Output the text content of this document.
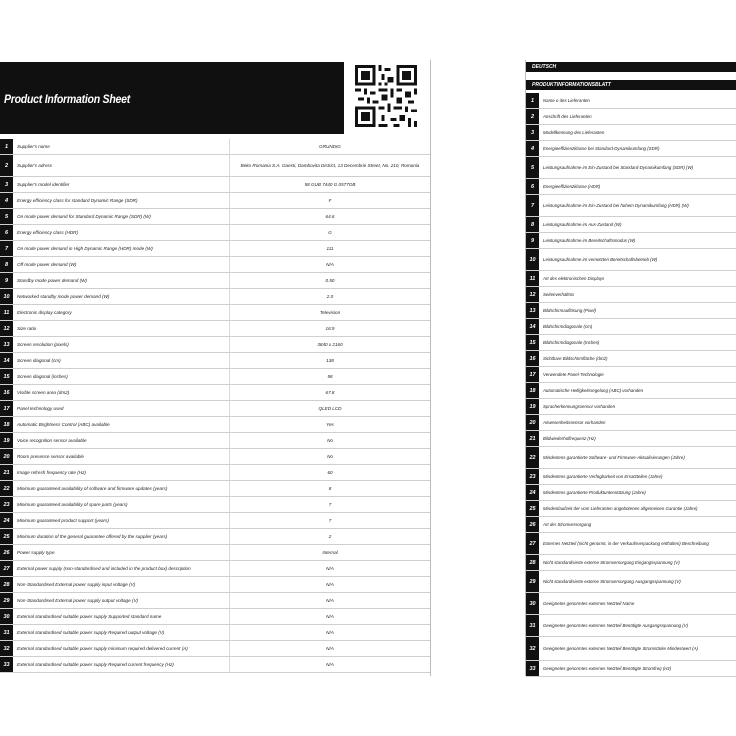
Product Information Sheet
1	Supplier's name	GRUNDIG
2	Supplier's adress	Beko Romania S.A. Gaesti, Dambovita District, 13 Decembrie Street, No. 210, Romania
3	Supplier's model identifier	58 GUB 7440 G 0577OB
4	Energy efficiency class for standard Dynamic Range (SDR)	F
5	On mode power demand for Standard Dynamic Range (SDR) (W)	64.6
6	Energy efficiency class (HDR)	G
7	On mode power demand in High Dynamic Range (HDR) mode (W)	111
8	Off mode power demand (W)	N/A
9	Standby mode power demand (W)	0.50
10	Networked standby mode power demand (W)	2.0
11	Electronic display category	Television
12	Size ratio	16:9
13	Screen resolution (pixels)	3840 x 2160
14	Screen diagonal (cm)	138
15	Screen diagonal (inches)	58
16	Visible screen area (dm2)	67.8
17	Panel technology used	QLED LCD
18	Automatic Brightness Control (ABC) available	Yes
19	Voice recognition sensor available	No
20	Room presence sensor available	No
21	Image refresh frequency rate (Hz)	60
22	Minimum guaranteed availability of software and firmware updates (years)	8
23	Minimum guaranteed availability of spare parts (years)	7
24	Minimum guaranteed product support (years)	7
25	Minimum duration of the general guarantee offered by the supplier (years)	2
26	Power supply type	Internal
27	External power supply (non-standardised and included in the product box) description	N/A
28	Non-Standardised External power supply input voltage (V)	N/A
29	Non-Standardised External power supply output voltage (V)	N/A
30	External standardised suitable power supply Supported standard name	N/A
31	External standardised suitable power supply Required output voltage (V)	N/A
32	External standardised suitable power supply minimum required delivered current (A)	N/A
33	External standardised suitable power supply Required current frequency (Hz)	N/A
DEUTSCH
PRODUKTINFORMATIONSBLATT
1	Name o des Lieferanten
2	Anschrift des Lieferanten
3	Modellkennung des Lieferanten
4	Energieeffizienzklasse bei Standard-Dynamikumfang (SDR)
5	Leistungsaufnahme im Ein-Zustand bei Standard-Dynamikumfang (SDR) (W)
6	Energieeffizienzklasse (HDR)
7	Leistungsaufnahme im Ein-Zustand bei hohem Dynamikumfang (HDR) (W)
8	Leistungsaufnahme im Aus-Zustand (W)
9	Leistungsaufnahme im Bereitschaftsmodus (W)
10	Leistungsaufnahme im vernetzten Bereitschaftsbetrieb (W)
11	Art des elektronischen Displays
12	Seitenverhältnis
13	Bildschirmauflösung (Pixel)
14	Bildschirmdiagonale (cm)
15	Bildschirmdiagonale (Inches)
16	Sichtbare Bildschirmfläche (dm2)
17	Verwendete Panel-Technologie
18	Automatische Helligkeitsregelung (ABC) vorhanden
19	Spracherkennungssensor vorhanden
20	Anwesenheitssensor vorhanden
21	Bildwiederholfrequenz (Hz)
22	Mindestens garantierte Software- und Firmware-Aktualisierungen (Jahre)
23	Mindestens garantierte Verfügbarkeit von Ersatzteilen (Jahre)
24	Mindestens garantierte Produktunterstützung (Jahre)
25	Mindestlaufzeit der vom Lieferanten angebotenen allgemeinen Garantie (Jahre)
26	Art der Stromversorgung
27	Externes Netzteil (nicht genormt, in der Verkaufsverpackung enthalten) Beschreibung
28	Nicht standardisierte externe Stromversorgung Eingangsspannung (V)
29	Nicht standardisierte externe Stromversorgung Ausgangsspannung (V)
30	Geeignetes genormtes externes Netzteil Name
31	Geeignetes genormtes externes Netzteil Benötigte Ausgangsspannung (V)
32	Geeignetes genormtes externes Netzteil Benötigte Stromstärke Mindestwert (A)
33	Geeignetes genormtes externes Netzteil Benötigte Stromfreq (Hz)
